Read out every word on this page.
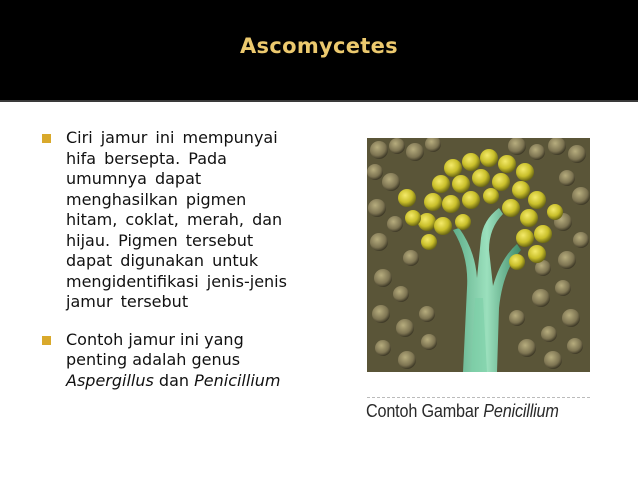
Ascomycetes
Ciri jamur ini mempunyai
hifa bersepta. Pada
umumnya dapat
menghasilkan pigmen
hitam, coklat, merah, dan
hijau. Pigmen tersebut
dapat digunakan untuk
mengidentifikasi jenis-jenis
jamur tersebut
Contoh jamur ini yang
penting adalah genus
Aspergillus dan Penicillium
Contoh Gambar Penicillium
